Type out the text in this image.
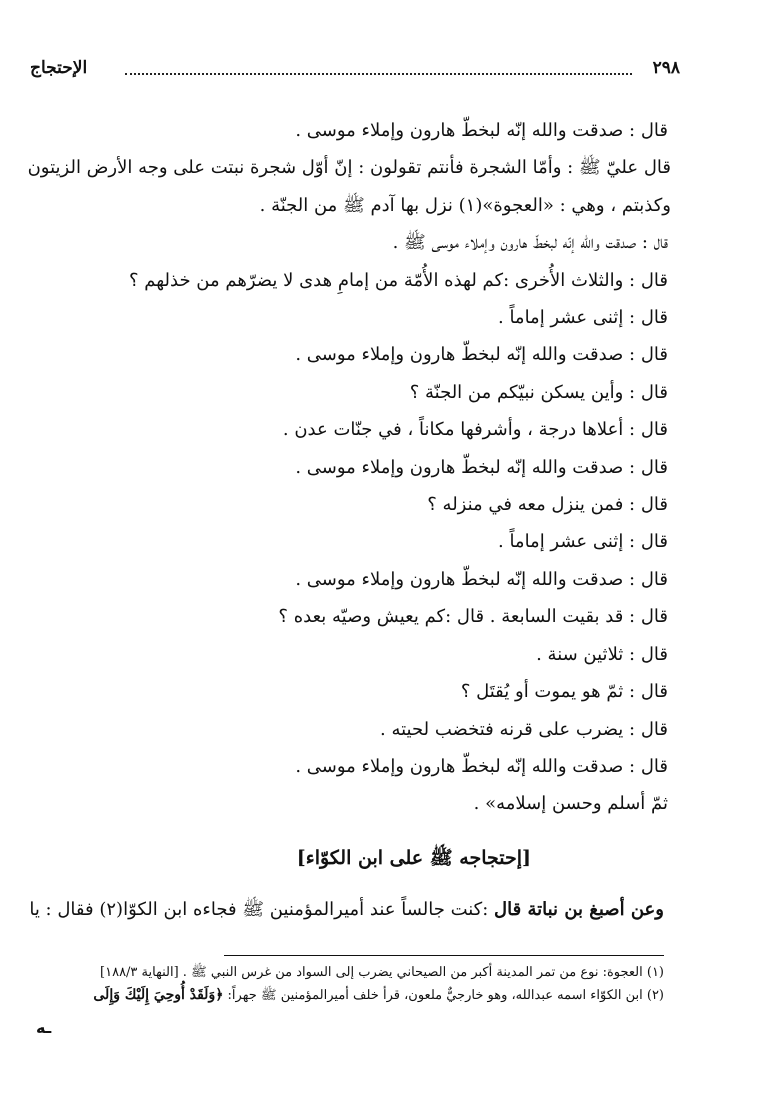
٢٩٨
الإحتجاج
قال : صدقت والله إنّه لبخطّ هارون وإملاء موسى .
قال عليّ ﷺ : وأمّا الشجرة فأنتم تقولون : إنّ أوّل شجرة نبتت على وجه الأرض الزيتون
وكذبتم ، وهي : «العجوة»(١) نزل بها آدم ﷺ من الجنّة .
قال : صدقت والله إنّه لبخطّ هارون وإملاء موسى ﷺ .
قال : والثلاث الأُخرى :كم لهذه الأُمّة من إمامِ هدى لا يضرّهم من خذلهم ؟
قال : إثنى عشر إماماً .
قال : صدقت والله إنّه لبخطّ هارون وإملاء موسى .
قال : وأين يسكن نبيّكم من الجنّة ؟
قال : أعلاها درجة ، وأشرفها مكاناً ، في جنّات عدن .
قال : صدقت والله إنّه لبخطّ هارون وإملاء موسى .
قال : فمن ينزل معه في منزله ؟
قال : إثنى عشر إماماً .
قال : صدقت والله إنّه لبخطّ هارون وإملاء موسى .
قال : قد بقيت السابعة . قال :كم يعيش وصيّه بعده ؟
قال : ثلاثين سنة .
قال : ثمّ هو يموت أو يُقتَل ؟
قال : يضرب على قرنه فتخضب لحيته .
قال : صدقت والله إنّه لبخطّ هارون وإملاء موسى .
ثمّ أسلم وحسن إسلامه» .
[إحتجاجه ﷺ على ابن الكوّاء]
وعن أصبغ بن نباتة قال :كنت جالساً عند أميرالمؤمنين ﷺ فجاءه ابن الكوّا(٢) فقال : يا
(١) العجوة: نوع من تمر المدينة أكبر من الصيحاني يضرب إلى السواد من غرس النبي ﷺ . [النهاية ١٨٨/٣]
(٢) ابن الكوّاء اسمه عبدالله، وهو خارجيٌّ ملعون، قرأ خلف أميرالمؤمنين ﷺ جهراً: ﴿وَلَقَدْ أُوحِيَ إِلَيْكَ وَإِلَى
ـه
